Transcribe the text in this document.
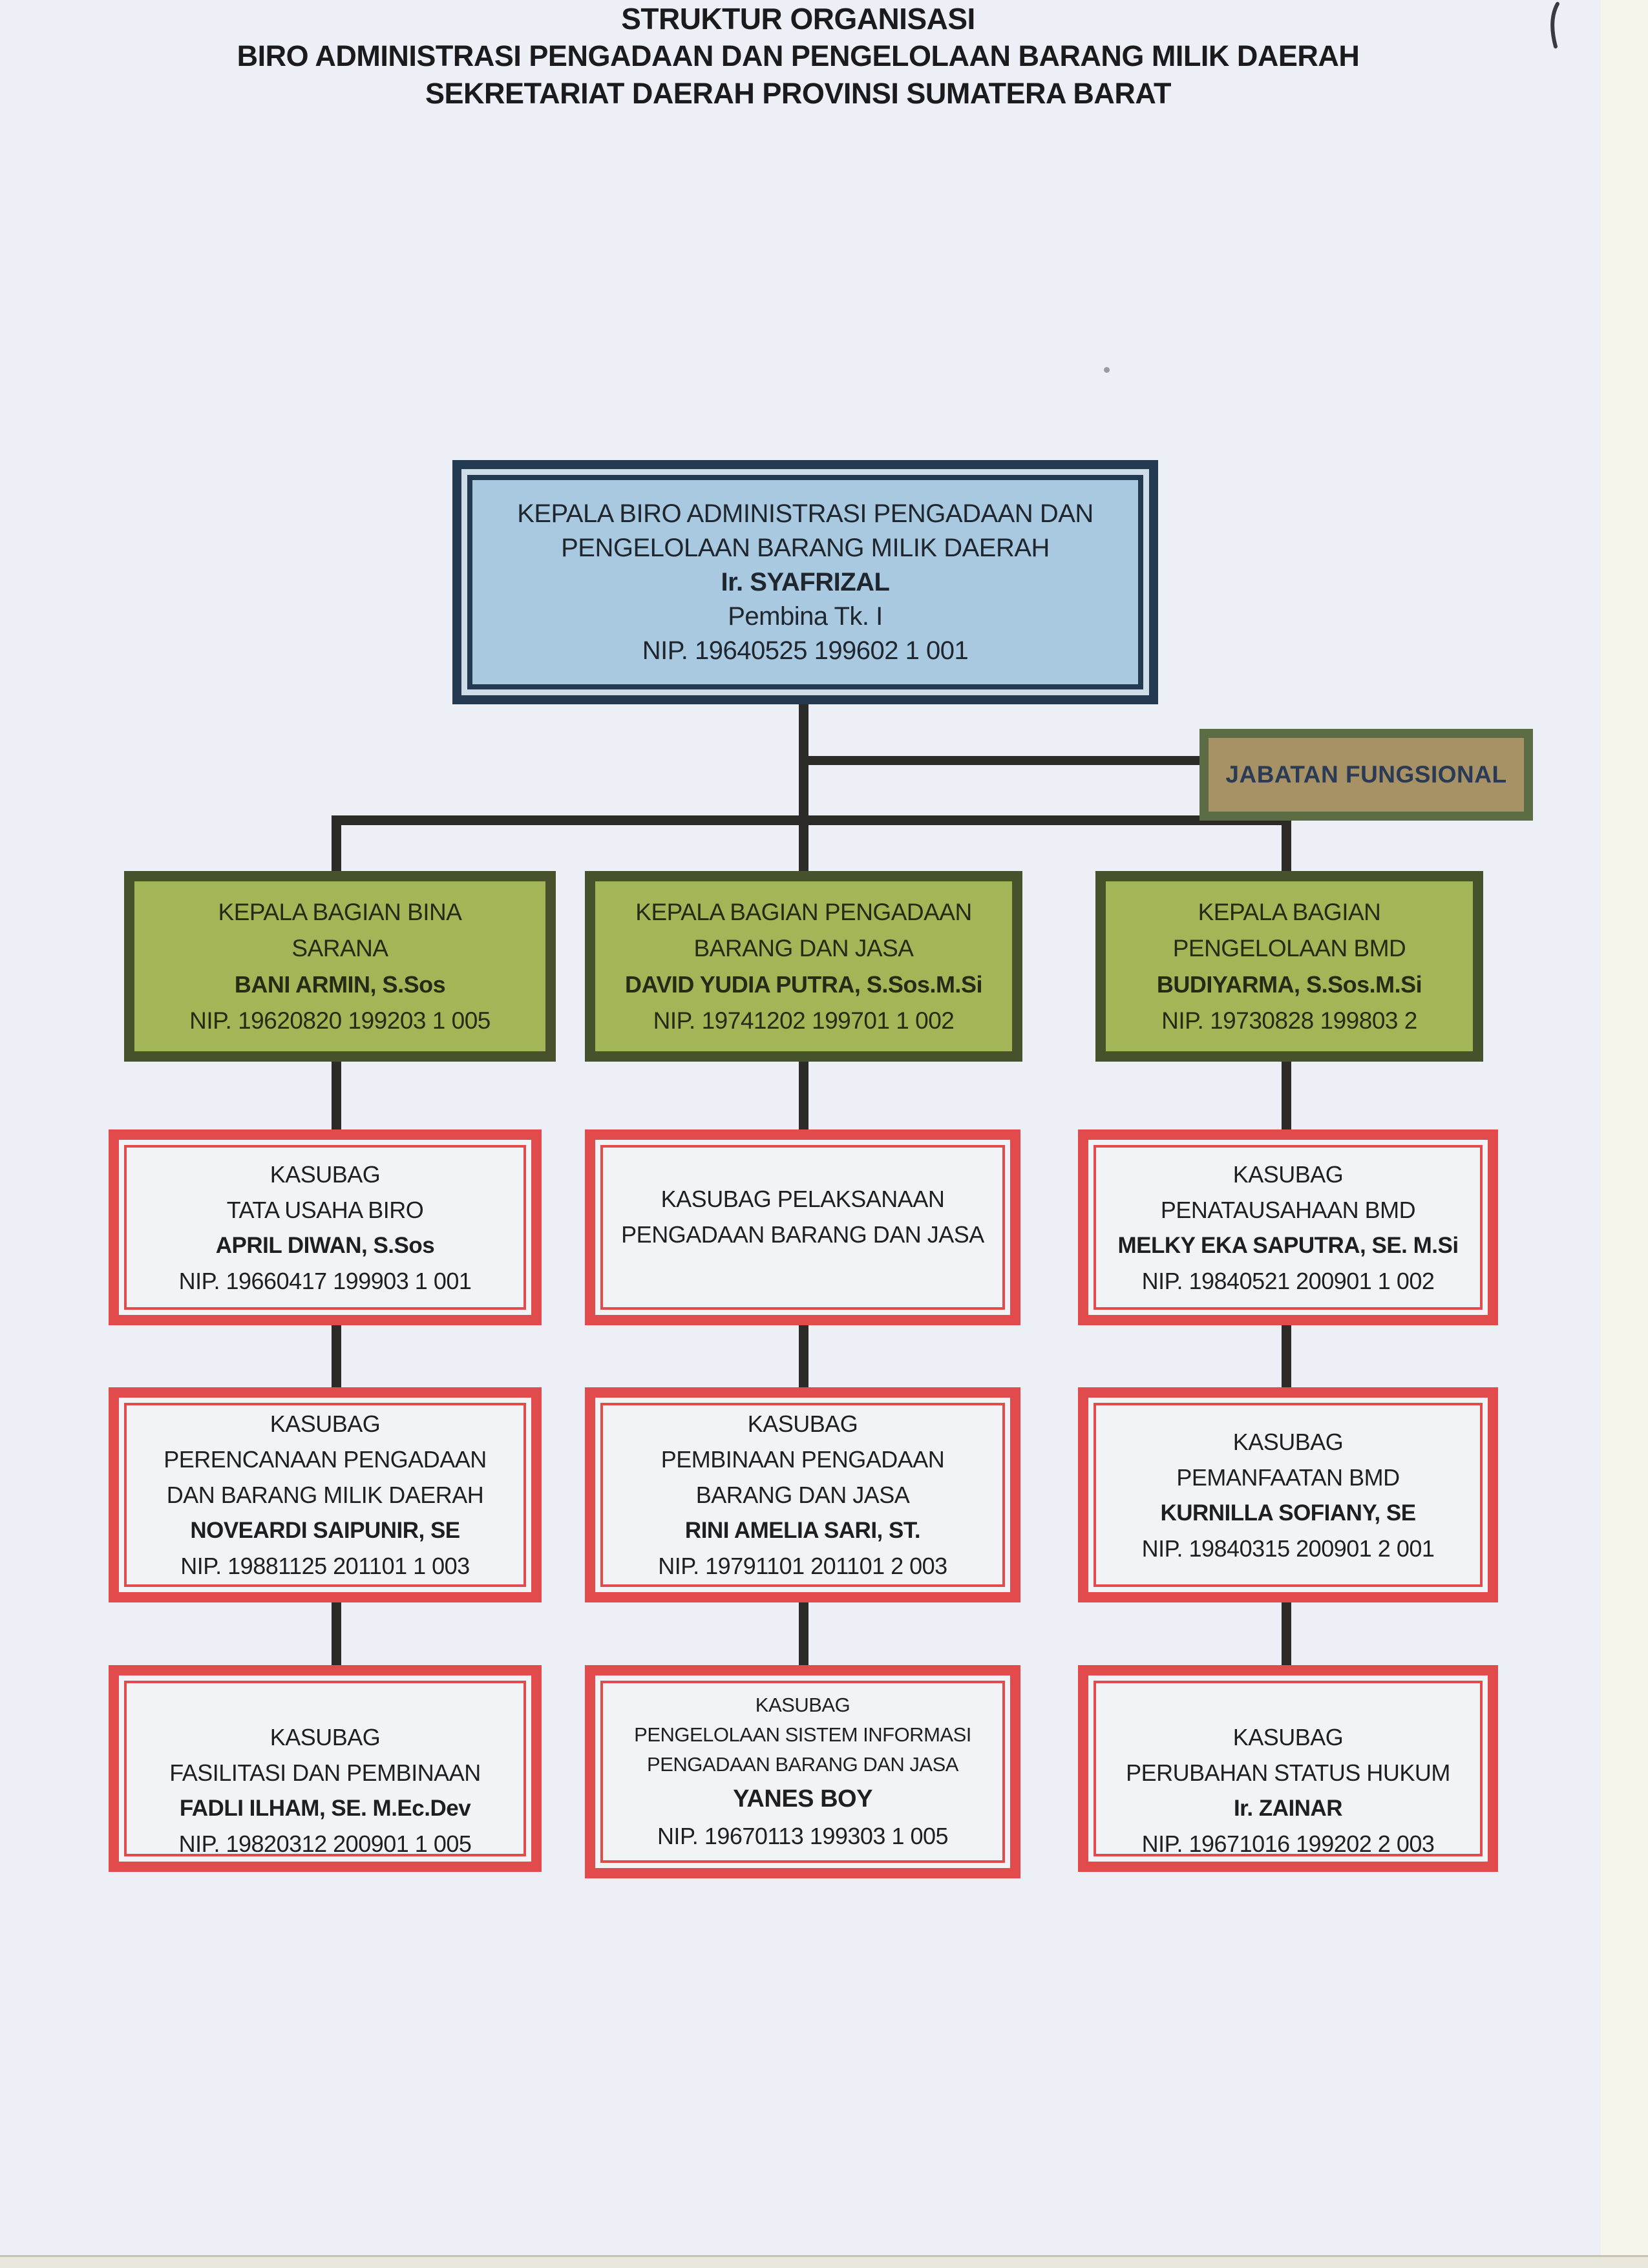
STRUKTUR ORGANISASI
BIRO ADMINISTRASI PENGADAAN DAN PENGELOLAAN BARANG MILIK DAERAH
SEKRETARIAT DAERAH PROVINSI SUMATERA BARAT
KEPALA BIRO ADMINISTRASI PENGADAAN DAN PENGELOLAAN BARANG MILIK DAERAH
Ir. SYAFRIZAL
Pembina Tk. I
NIP. 19640525 199602 1 001
JABATAN FUNGSIONAL
KEPALA BAGIAN BINA
SARANA
BANI ARMIN, S.Sos
NIP. 19620820 199203 1 005
KEPALA BAGIAN PENGADAAN
BARANG DAN JASA
DAVID YUDIA PUTRA, S.Sos.M.Si
NIP. 19741202 199701 1 002
KEPALA BAGIAN
PENGELOLAAN BMD
BUDIYARMA, S.Sos.M.Si
NIP. 19730828 199803 2
KASUBAG
TATA USAHA BIRO
APRIL DIWAN, S.Sos
NIP. 19660417 199903 1 001
KASUBAG PELAKSANAAN
PENGADAAN BARANG DAN JASA
KASUBAG
PENATAUSAHAAN BMD
MELKY EKA SAPUTRA, SE. M.Si
NIP. 19840521 200901 1 002
KASUBAG
PERENCANAAN PENGADAAN
DAN BARANG MILIK DAERAH
NOVEARDI SAIPUNIR, SE
NIP. 19881125 201101 1 003
KASUBAG
PEMBINAAN PENGADAAN
BARANG DAN JASA
RINI AMELIA SARI, ST.
NIP. 19791101 201101 2 003
KASUBAG
PEMANFAATAN BMD
KURNILLA SOFIANY, SE
NIP. 19840315 200901 2 001
KASUBAG
FASILITASI DAN PEMBINAAN
FADLI ILHAM, SE. M.Ec.Dev
NIP. 19820312 200901 1 005
KASUBAG
PENGELOLAAN SISTEM INFORMASI
PENGADAAN BARANG DAN JASA
YANES BOY
NIP. 19670113 199303 1 005
KASUBAG
PERUBAHAN STATUS HUKUM
Ir. ZAINAR
NIP. 19671016 199202 2 003
